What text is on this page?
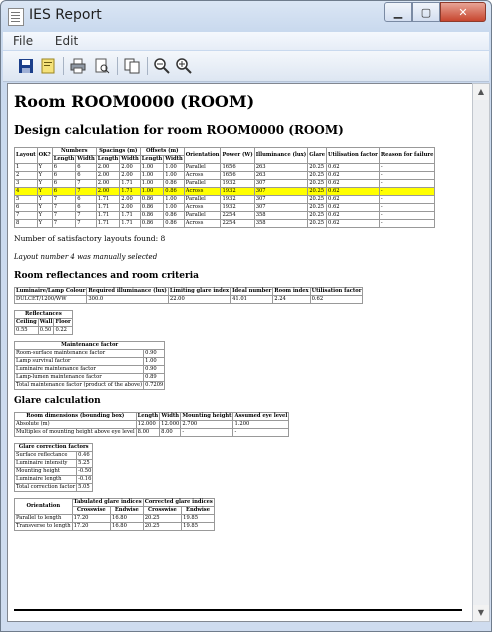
IES Report	▁ ▢ ✕
File Edit
Room ROOM0000 (ROOM)
Design calculation for room ROOM0000 (ROOM)
Layout	OK?	Numbers		Spacings (m)		Offsets (m)		Orientation	Power (W)	Illuminance (lux)	Glare	Utilisation factor	Reason for failure
		Length	Width	Length	Width	Length	Width						
1	Y	6	6	2.00	2.00	1.00	1.00	Parallel	1656	263	20.25	0.62	-
2	Y	6	6	2.00	2.00	1.00	1.00	Across	1656	263	20.25	0.62	-
3	Y	6	7	2.00	1.71	1.00	0.86	Parallel	1932	307	20.25	0.62	-
4	Y	6	7	2.00	1.71	1.00	0.86	Across	1932	307	20.25	0.62	-
5	Y	7	6	1.71	2.00	0.86	1.00	Parallel	1932	307	20.25	0.62	-
6	Y	7	6	1.71	2.00	0.86	1.00	Across	1932	307	20.25	0.62	-
7	Y	7	7	1.71	1.71	0.86	0.86	Parallel	2254	358	20.25	0.62	-
8	Y	7	7	1.71	1.71	0.86	0.86	Across	2254	358	20.25	0.62	-
Number of satisfactory layouts found: 8
Layout number 4 was manually selected
Room reflectances and room criteria
Luminaire/Lamp Colour	Required illuminance (lux)	Limiting glare index	Ideal number	Room index	Utilisation factor
DULCET/1200/WW	300.0	22.00	41.01	2.24	0.62
Reflectances		
Ceiling	Wall	Floor
0.55	0.50	0.22
Maintenance factor	
Room-surface maintenance factor	0.90
Lamp survival factor	1.00
Luminaire maintenance factor	0.90
Lamp-lumen maintenance factor	0.89
Total maintenance factor (product of the above)	0.7209
Glare calculation
Room dimensions (bounding box)	Length	Width	Mounting height	Assumed eye level
Absolute (m)	12.000	12.000	2.700	1.200
Multiples of mounting height above eye level	8.00	8.00	-	-
Glare correction factors	
Surface reflectance	0.46
Luminaire intensity	5.25
Mounting height	-0.50
Luminaire length	-0.16
Total correction factor	5.05
Orientation	Tabulated glare indices		Corrected glare indices	
	Crosswise	Endwise	Crosswise	Endwise
Parallel to length	17.20	16.80	20.25	19.85
Transverse to length	17.20	16.80	20.25	19.85
▲
▼
